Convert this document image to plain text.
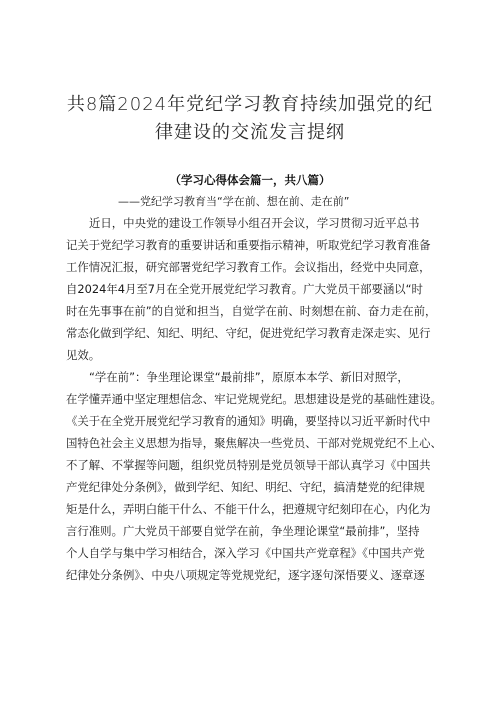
共8篇2024年党纪学习教育持续加强党的纪
律建设的交流发言提纲
（学习心得体会篇一，共八篇）
——党纪学习教育当“学在前、想在前、走在前”
近日，中央党的建设工作领导小组召开会议，学习贯彻习近平总书
记关于党纪学习教育的重要讲话和重要指示精神，听取党纪学习教育准备
工作情况汇报，研究部署党纪学习教育工作。会议指出，经党中央同意，
自2024年4月至7月在全党开展党纪学习教育。广大党员干部要涵以“时
时在先事事在前”的自觉和担当，自觉学在前、时刻想在前、奋力走在前，
常态化做到学纪、知纪、明纪、守纪，促进党纪学习教育走深走实、见行
见效。
“学在前”：争坐理论课堂“最前排”，原原本本学、新旧对照学，
在学懂弄通中坚定理想信念、牢记党规党纪。思想建设是党的基础性建设。
《关于在全党开展党纪学习教育的通知》明确，要坚持以习近平新时代中
国特色社会主义思想为指导，聚焦解决一些党员、干部对党规党纪不上心、
不了解、不掌握等问题，组织党员特别是党员领导干部认真学习《中国共
产党纪律处分条例》，做到学纪、知纪、明纪、守纪，搞清楚党的纪律规
矩是什么，弄明白能干什么、不能干什么，把遵规守纪刻印在心，内化为
言行准则。广大党员干部要自觉学在前，争坐理论课堂“最前排”，坚持
个人自学与集中学习相结合，深入学习《中国共产党章程》《中国共产党
纪律处分条例》、中央八项规定等党规党纪，逐字逐句深悟要义、逐章逐
